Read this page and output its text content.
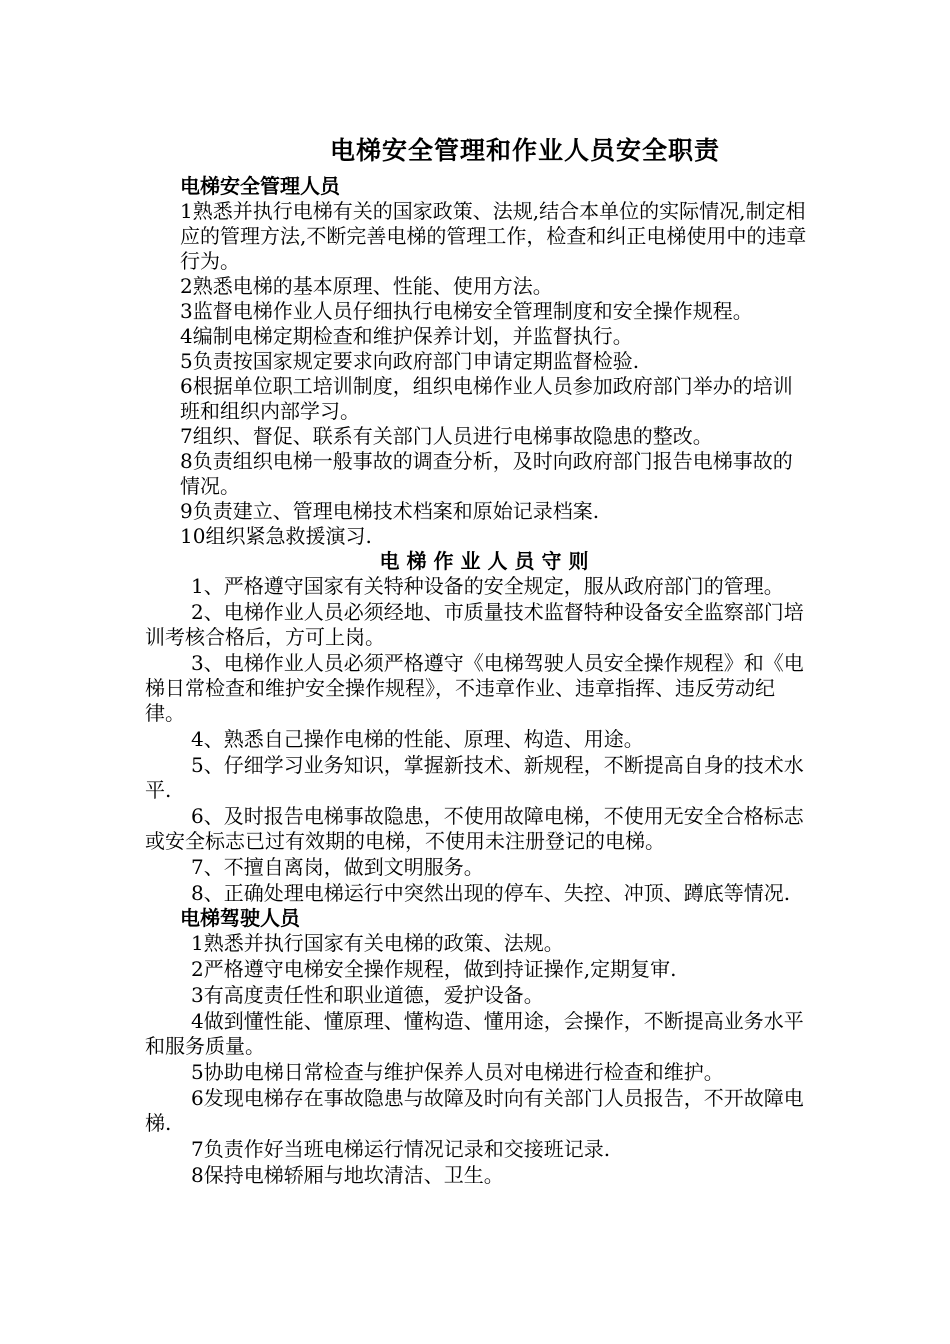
电梯安全管理和作业人员安全职责

电梯安全管理人员

1熟悉并执行电梯有关的国家政策、法规,结合本单位的实际情况,制定相应的管理方法,不断完善电梯的管理工作，检查和纠正电梯使用中的违章行为。

2熟悉电梯的基本原理、性能、使用方法。

3监督电梯作业人员仔细执行电梯安全管理制度和安全操作规程。

4编制电梯定期检查和维护保养计划，并监督执行。

5负责按国家规定要求向政府部门申请定期监督检验.

6根据单位职工培训制度，组织电梯作业人员参加政府部门举办的培训班和组织内部学习。

7组织、督促、联系有关部门人员进行电梯事故隐患的整改。

8负责组织电梯一般事故的调查分析，及时向政府部门报告电梯事故的情况。

9负责建立、管理电梯技术档案和原始记录档案.

10组织紧急救援演习.

电梯作业人员守则

1、严格遵守国家有关特种设备的安全规定，服从政府部门的管理。

2、电梯作业人员必须经地、市质量技术监督特种设备安全监察部门培训考核合格后，方可上岗。

3、电梯作业人员必须严格遵守《电梯驾驶人员安全操作规程》和《电梯日常检查和维护安全操作规程》，不违章作业、违章指挥、违反劳动纪律。

4、熟悉自己操作电梯的性能、原理、构造、用途。

5、仔细学习业务知识，掌握新技术、新规程，不断提高自身的技术水平.

6、及时报告电梯事故隐患，不使用故障电梯，不使用无安全合格标志或安全标志已过有效期的电梯，不使用未注册登记的电梯。

7、不擅自离岗，做到文明服务。

8、正确处理电梯运行中突然出现的停车、失控、冲顶、蹲底等情况.

电梯驾驶人员

1熟悉并执行国家有关电梯的政策、法规。

2严格遵守电梯安全操作规程，做到持证操作,定期复审.

3有高度责任性和职业道德，爱护设备。

4做到懂性能、懂原理、懂构造、懂用途，会操作，不断提高业务水平和服务质量。

5协助电梯日常检查与维护保养人员对电梯进行检查和维护。

6发现电梯存在事故隐患与故障及时向有关部门人员报告，不开故障电梯.

7负责作好当班电梯运行情况记录和交接班记录.

8保持电梯轿厢与地坎清洁、卫生。
